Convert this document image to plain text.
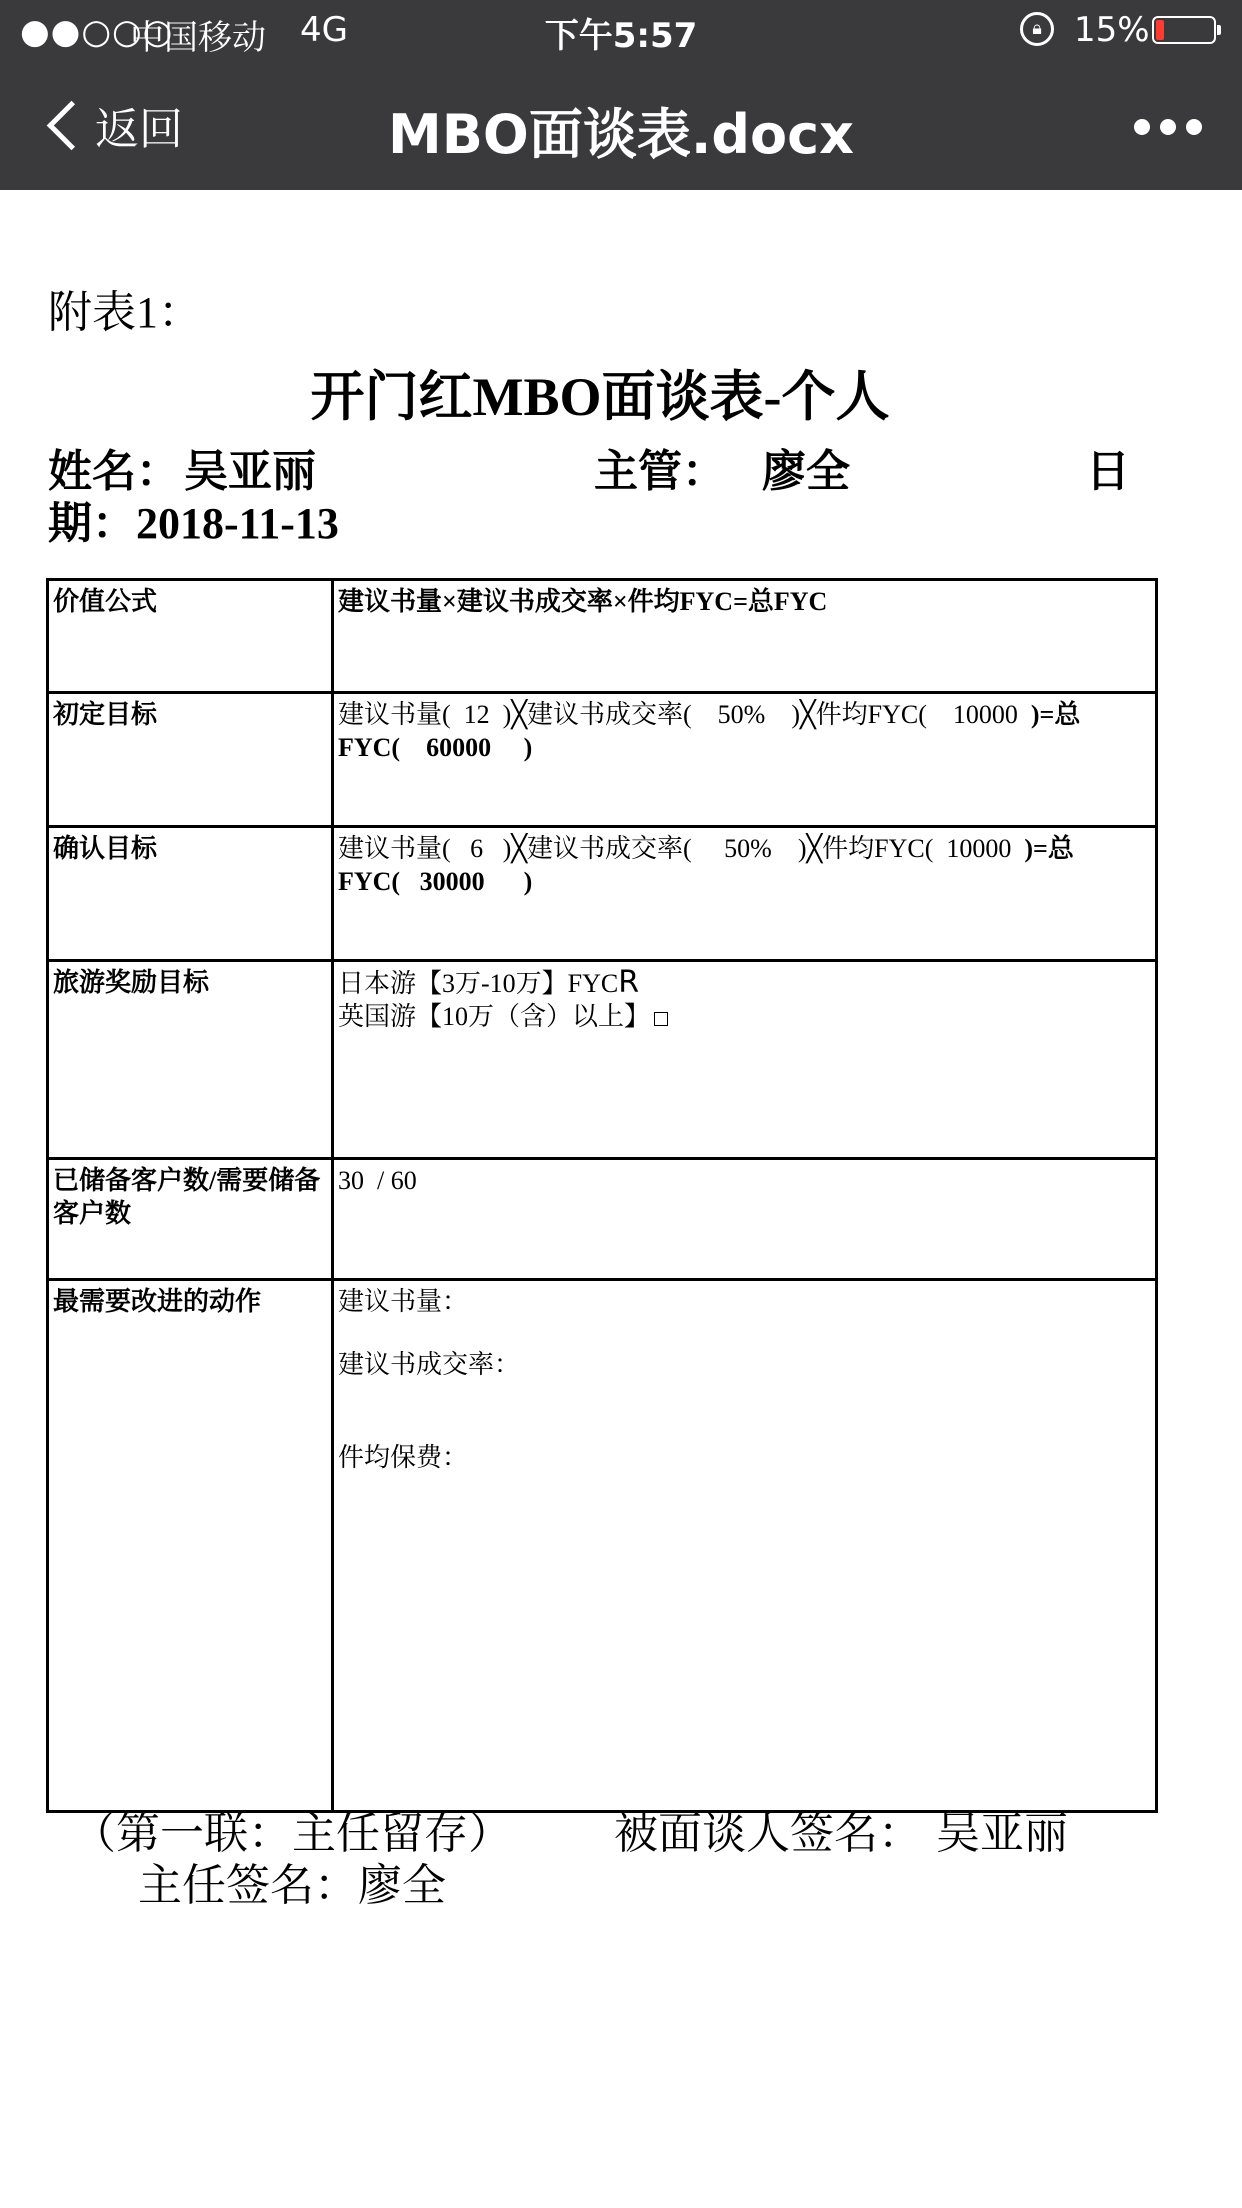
●●○○○
中国移动 4G	下午5:57	🔒︎ 15%
返回	MBO面谈表.docx
附表1：
开门红MBO面谈表-个人
姓名： 吴亚丽	主管： 廖全	日
期： 2018-11-13
价值公式	建议书量×建议书成交率×件均FYC=总FYC
初定目标	建议书量( 12 )╳建议书成交率( 50% )╳件均FYC( 10000 )=总
FYC( 60000 )
确认目标	建议书量( 6 )╳建议书成交率( 50% )╳件均FYC( 10000 )=总
FYC( 30000 )
旅游奖励目标	日本游【3万-10万】FYCR
英国游【10万（含）以上】
已储备客户数/需要储备客户数	30 / 60
最需要改进的动作	建议书量：
建议书成交率：
件均保费：
（第一联：主任留存） 被面谈人签名： 吴亚丽
主任签名：廖全
